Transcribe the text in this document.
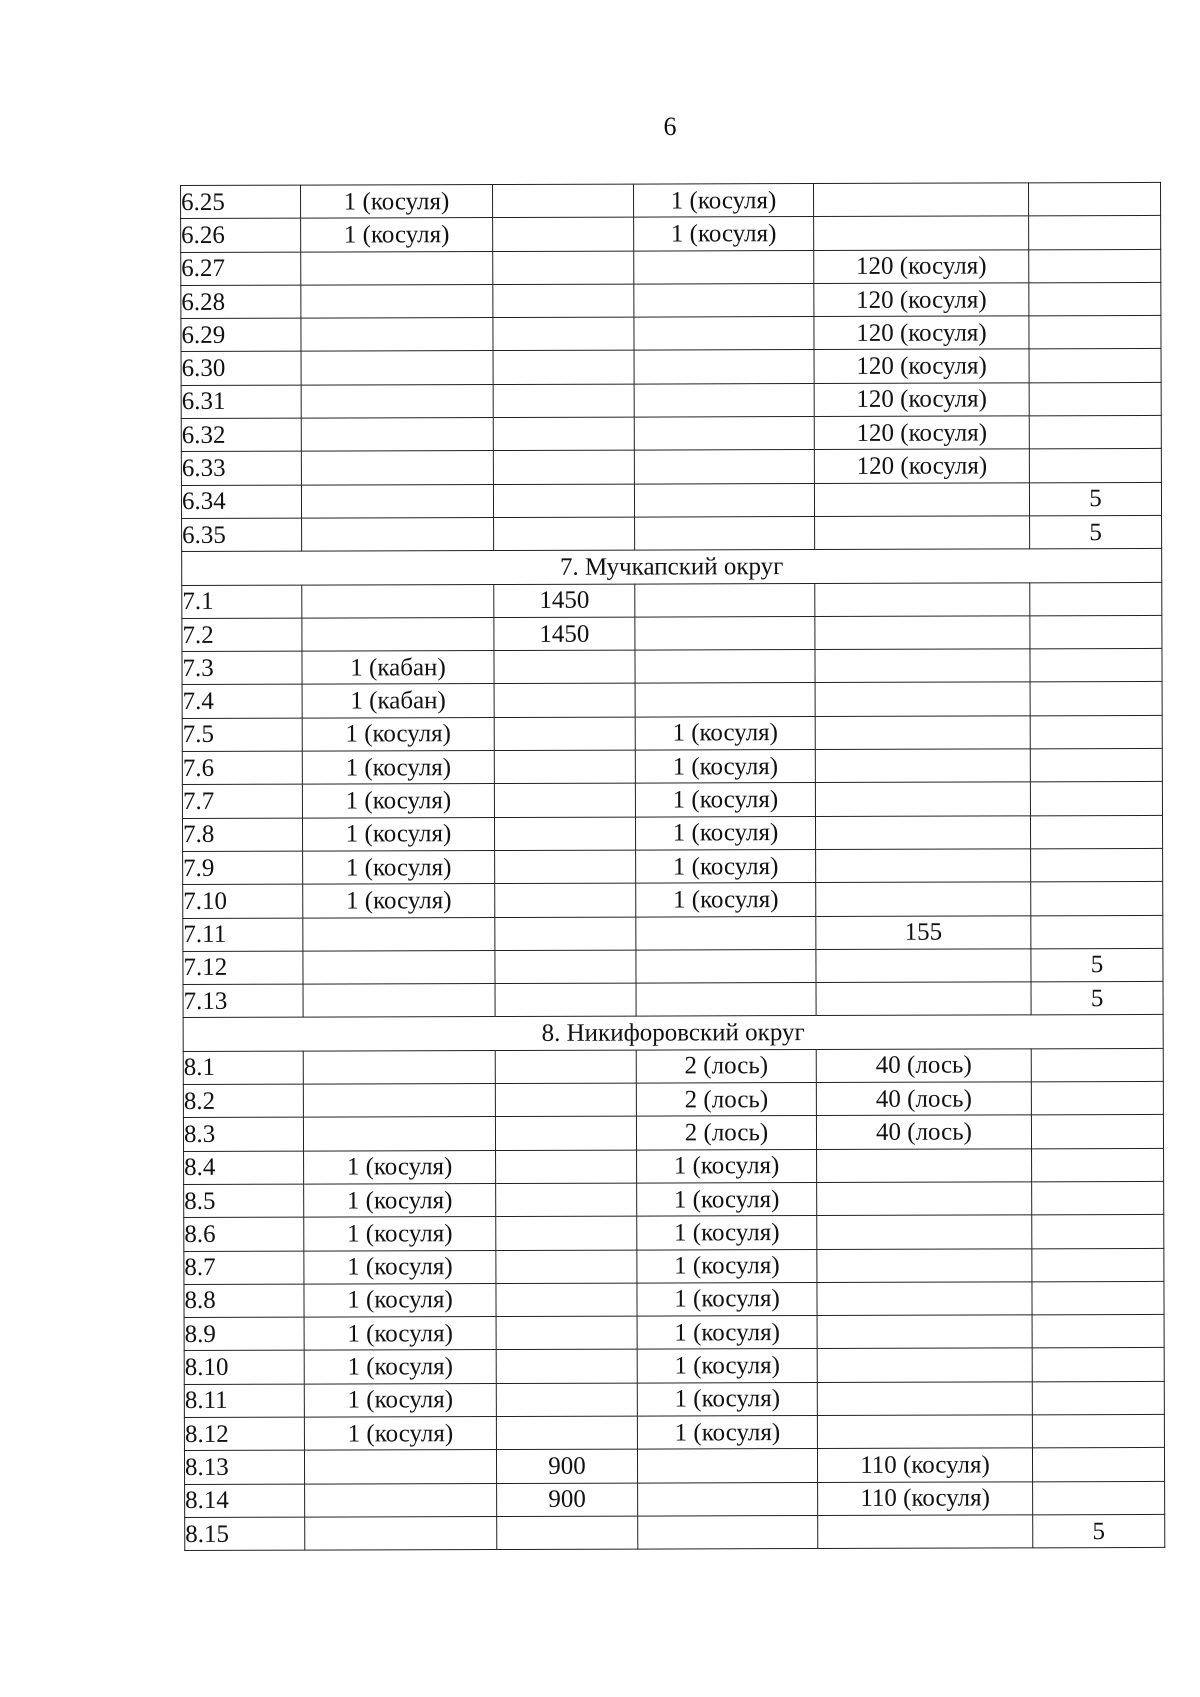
6
6.25	1 (косуля)		1 (косуля)		
6.26	1 (косуля)		1 (косуля)		
6.27				120 (косуля)	
6.28				120 (косуля)	
6.29				120 (косуля)	
6.30				120 (косуля)	
6.31				120 (косуля)	
6.32				120 (косуля)	
6.33				120 (косуля)	
6.34					5
6.35					5
7. Мучкапский округ					
7.1		1450			
7.2		1450			
7.3	1 (кабан)				
7.4	1 (кабан)				
7.5	1 (косуля)		1 (косуля)		
7.6	1 (косуля)		1 (косуля)		
7.7	1 (косуля)		1 (косуля)		
7.8	1 (косуля)		1 (косуля)		
7.9	1 (косуля)		1 (косуля)		
7.10	1 (косуля)		1 (косуля)		
7.11				155	
7.12					5
7.13					5
8. Никифоровский округ					
8.1			2 (лось)	40 (лось)	
8.2			2 (лось)	40 (лось)	
8.3			2 (лось)	40 (лось)	
8.4	1 (косуля)		1 (косуля)		
8.5	1 (косуля)		1 (косуля)		
8.6	1 (косуля)		1 (косуля)		
8.7	1 (косуля)		1 (косуля)		
8.8	1 (косуля)		1 (косуля)		
8.9	1 (косуля)		1 (косуля)		
8.10	1 (косуля)		1 (косуля)		
8.11	1 (косуля)		1 (косуля)		
8.12	1 (косуля)		1 (косуля)		
8.13		900		110 (косуля)	
8.14		900		110 (косуля)	
8.15					5
